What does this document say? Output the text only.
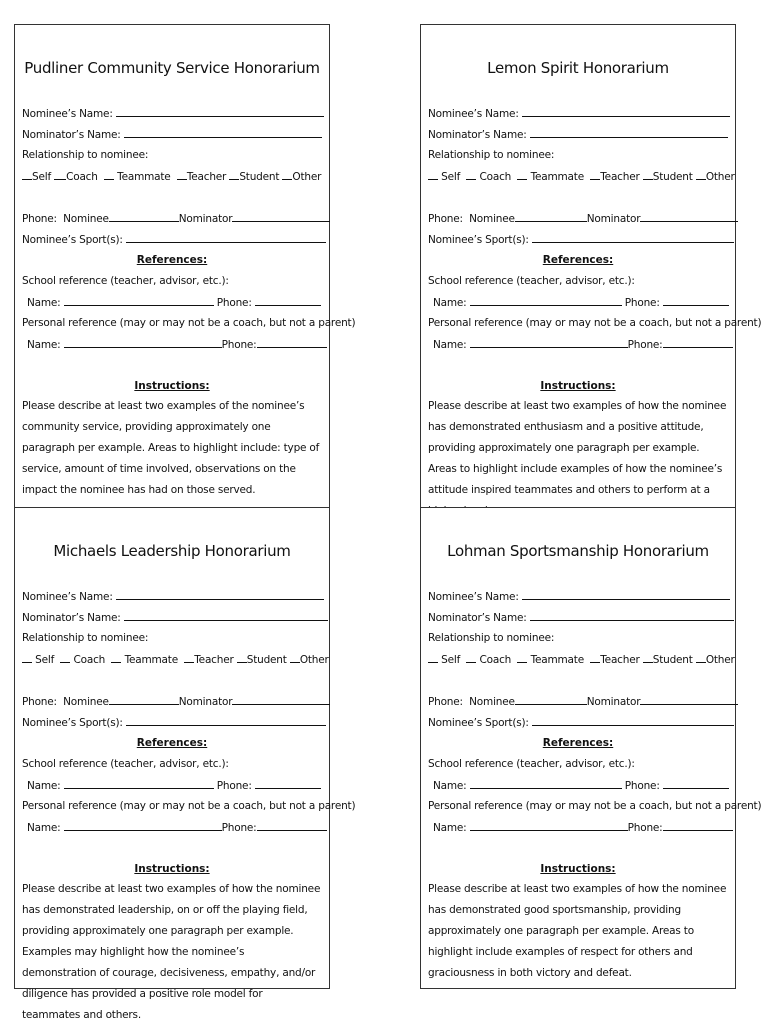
Pudliner Community Service Honorarium
Nominee’s Name:
Nominator’s Name:
Relationship to nominee:
Self Coach Teammate Teacher Student Other
Phone: Nominee	Nominator
Nominee’s Sport(s):
References:
School reference (teacher, advisor, etc.):
Name:	Phone:
Personal reference (may or may not be a coach, but not a parent)
Name:	Phone:
Instructions:
Please describe at least two examples of the nominee’s community service, providing approximately one paragraph per example. Areas to highlight include: type of service, amount of time involved, observations on the impact the nominee has had on those served.
Lemon Spirit Honorarium
Nominee’s Name:
Nominator’s Name:
Relationship to nominee:
Self Coach Teammate Teacher Student Other
Phone: Nominee	Nominator
Nominee’s Sport(s):
References:
School reference (teacher, advisor, etc.):
Name:	Phone:
Personal reference (may or may not be a coach, but not a parent)
Name:	Phone:
Instructions:
Please describe at least two examples of how the nominee has demonstrated enthusiasm and a positive attitude, providing approximately one paragraph per example. Areas to highlight include examples of how the nominee’s attitude inspired teammates and others to perform at a
Michaels Leadership Honorarium
Nominee’s Name:
Nominator’s Name:
Relationship to nominee:
Self Coach Teammate Teacher Student Other
Phone: Nominee	Nominator
Nominee’s Sport(s):
References:
School reference (teacher, advisor, etc.):
Name:	Phone:
Personal reference (may or may not be a coach, but not a parent)
Name:	Phone:
Instructions:
Please describe at least two examples of how the nominee has demonstrated leadership, on or off the playing field, providing approximately one paragraph per example. Examples may highlight how the nominee’s demonstration of courage, decisiveness, empathy, and/or diligence has provided a positive role model for teammates and others.
Lohman Sportsmanship Honorarium
Nominee’s Name:
Nominator’s Name:
Relationship to nominee:
Self Coach Teammate Teacher Student Other
Phone: Nominee	Nominator
Nominee’s Sport(s):
References:
School reference (teacher, advisor, etc.):
Name:	Phone:
Personal reference (may or may not be a coach, but not a parent)
Name:	Phone:
Instructions:
Please describe at least two examples of how the nominee has demonstrated good sportsmanship, providing approximately one paragraph per example. Areas to highlight include examples of respect for others and graciousness in both victory and defeat.
